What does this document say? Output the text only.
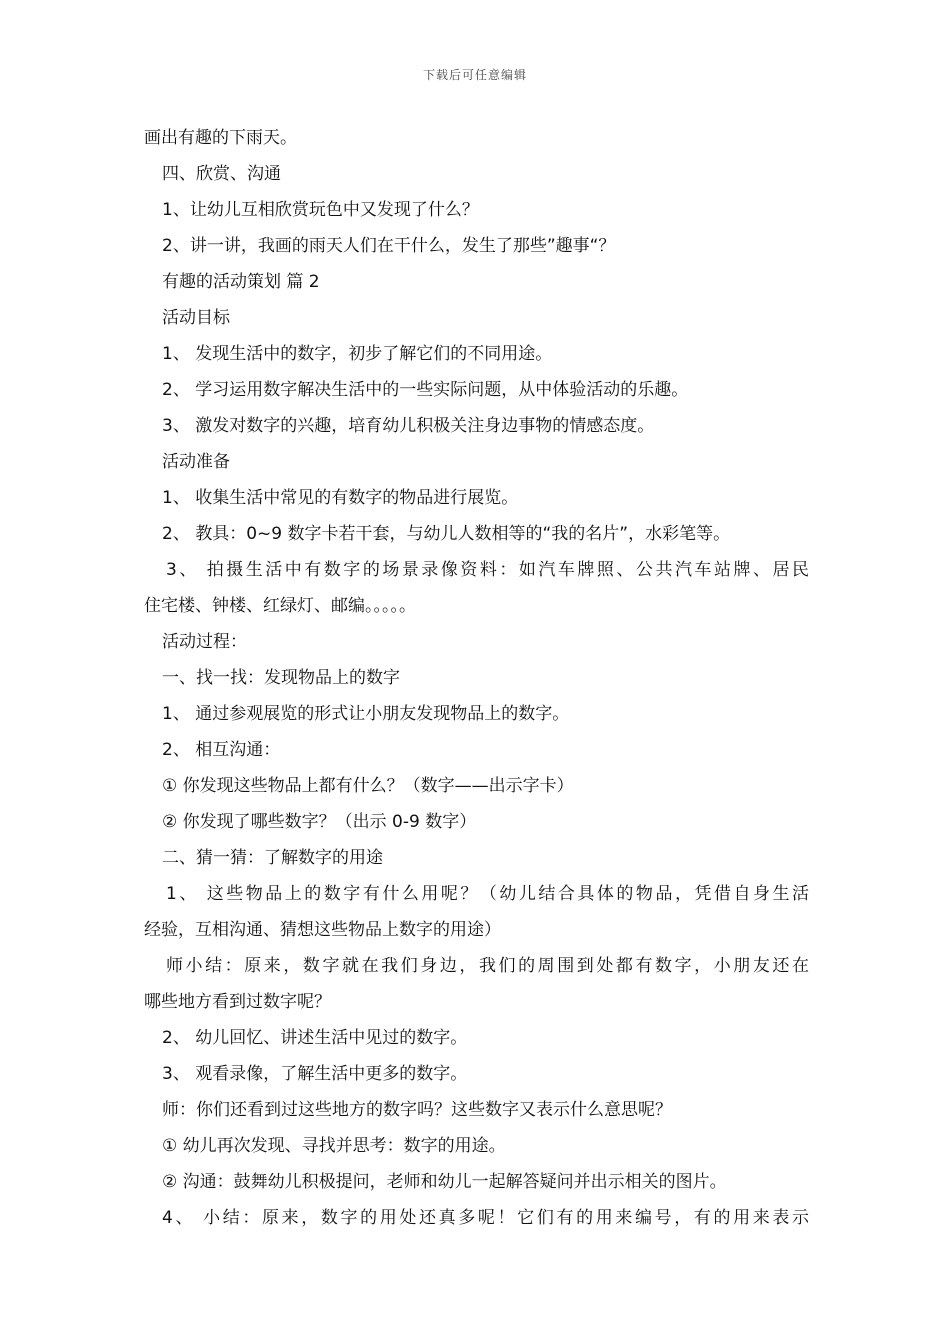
下载后可任意编辑
画出有趣的下雨天。
四、欣赏、沟通
1、让幼儿互相欣赏玩色中又发现了什么？
2、讲一讲，我画的雨天人们在干什么，发生了那些”趣事“？
有趣的活动策划 篇 2
活动目标
1、 发现生活中的数字，初步了解它们的不同用途。
2、 学习运用数字解决生活中的一些实际问题，从中体验活动的乐趣。
3、 激发对数字的兴趣，培育幼儿积极关注身边事物的情感态度。
活动准备
1、 收集生活中常见的有数字的物品进行展览。
2、 教具：0~9 数字卡若干套，与幼儿人数相等的“我的名片”，水彩笔等。
3、 拍摄生活中有数字的场景录像资料：如汽车牌照、公共汽车站牌、居民
住宅楼、钟楼、红绿灯、邮编。。。。。
活动过程：
一、找一找：发现物品上的数字
1、 通过参观展览的形式让小朋友发现物品上的数字。
2、 相互沟通：
① 你发现这些物品上都有什么？（数字——出示字卡）
② 你发现了哪些数字？（出示 0-9 数字）
二、猜一猜：了解数字的用途
1、 这些物品上的数字有什么用呢？（幼儿结合具体的物品，凭借自身生活
经验，互相沟通、猜想这些物品上数字的用途）
师小结：原来，数字就在我们身边，我们的周围到处都有数字，小朋友还在
哪些地方看到过数字呢？
2、 幼儿回忆、讲述生活中见过的数字。
3、 观看录像，了解生活中更多的数字。
师：你们还看到过这些地方的数字吗？这些数字又表示什么意思呢？
① 幼儿再次发现、寻找并思考：数字的用途。
② 沟通：鼓舞幼儿积极提问，老师和幼儿一起解答疑问并出示相关的图片。
4、 小结：原来，数字的用处还真多呢！它们有的用来编号，有的用来表示
